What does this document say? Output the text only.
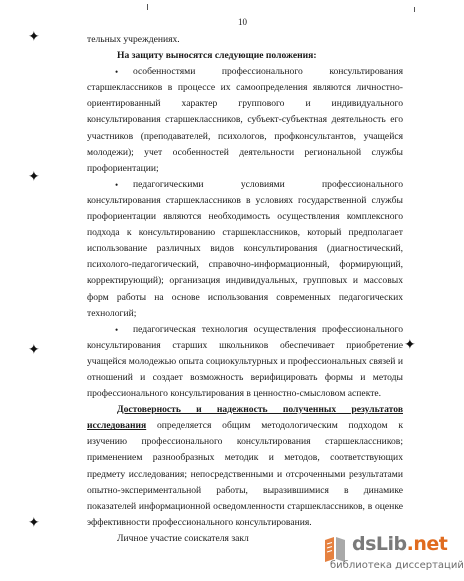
10
✦
✦
✦
✦
✦

тельных учреждениях.

На защиту выносятся следующие положения:

•	особенностями профессионального консультирования старшеклассников в процессе их самоопределения являются личностно-ориентированный характер группового и индивидуального консультирования старшеклассников, субъект-субъектная деятельность его участников (преподавателей, психологов, профконсультантов, учащейся молодежи); учет особенностей деятельности региональной службы профориентации;

•	педагогическими условиями профессионального консультирования старшеклассников в условиях государственной службы профориентации являются необходимость осуществления комплексного подхода к консультированию старшеклассников, который предполагает использование различных видов консультирования (диагностический, психолого-педагогический, справочно-информационный, формирующий, корректирующий); организация индивидуальных, групповых и массовых форм работы на основе использования современных педагогических технологий;

•	педагогическая технология осуществления профессионального консультирования старших школьников обеспечивает приобретение учащейся молодежью опыта социокультурных и профессиональных связей и отношений и создает возможность верифицировать формы и методы профессионального консультирования в ценностно-смысловом аспекте.

Достоверность и надежность полученных результатов исследования определяется общим методологическим подходом к изучению профессионального консультирования старшеклассников; применением разнообразных методик и методов, соответствующих предмету исследования; непосредственными и отсроченными результатами опытно-экспериментальной работы, выразившимися в динамике показателей информационной осведомленности старшеклассников, в оценке эффективности профессионального консультирования.

Личное участие соискателя закл	dsLib.net
библиотека диссертаций
